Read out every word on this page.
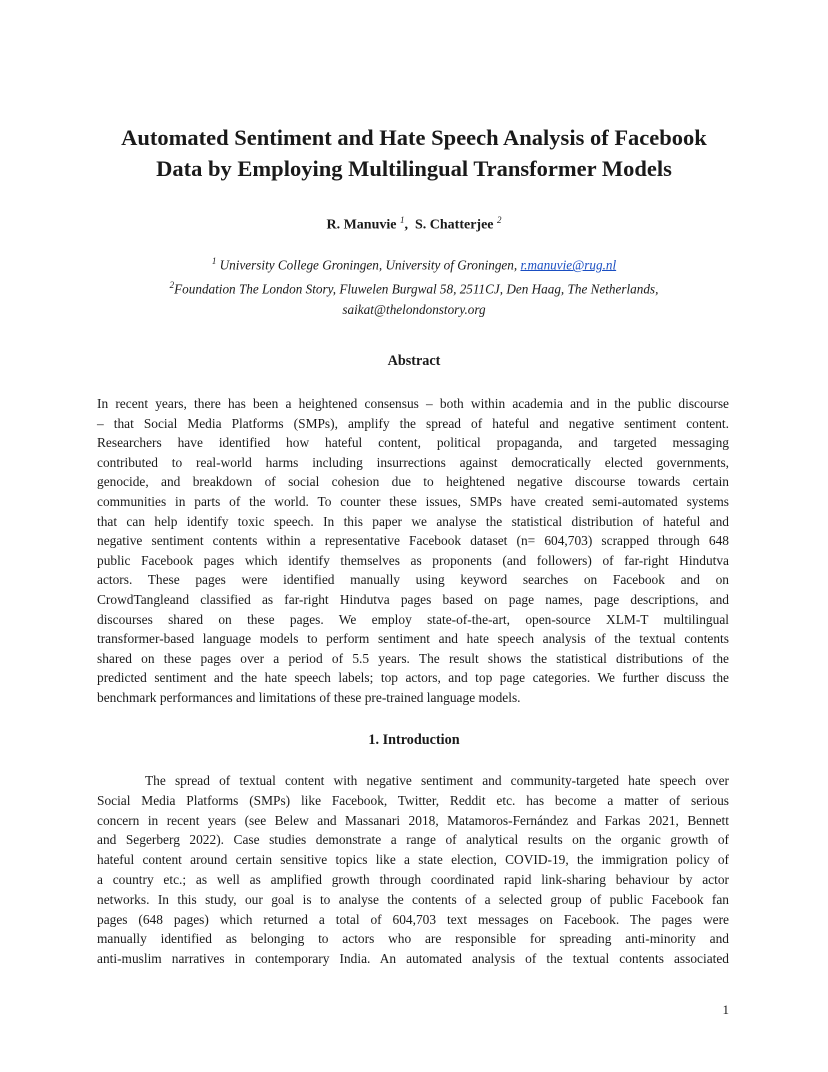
Automated Sentiment and Hate Speech Analysis of Facebook
Data by Employing Multilingual Transformer Models
R. Manuvie $^1$, S. Chatterjee $^2$
$^1$ University College Groningen, University of Groningen, r.manuvie@rug.nl
$^2$Foundation The London Story, Fluwelen Burgwal 58, 2511CJ, Den Haag, The Netherlands,
saikat@thelondonstory.org
Abstract
In recent years, there has been a heightened consensus – both within academia and in the public discourse
– that Social Media Platforms (SMPs), amplify the spread of hateful and negative sentiment content.
Researchers have identified how hateful content, political propaganda, and targeted messaging
contributed to real-world harms including insurrections against democratically elected governments,
genocide, and breakdown of social cohesion due to heightened negative discourse towards certain
communities in parts of the world. To counter these issues, SMPs have created semi-automated systems
that can help identify toxic speech. In this paper we analyse the statistical distribution of hateful and
negative sentiment contents within a representative Facebook dataset (n= 604,703) scrapped through 648
public Facebook pages which identify themselves as proponents (and followers) of far-right Hindutva
actors. These pages were identified manually using keyword searches on Facebook and on
CrowdTangleand classified as far-right Hindutva pages based on page names, page descriptions, and
discourses shared on these pages. We employ state-of-the-art, open-source XLM-T multilingual
transformer-based language models to perform sentiment and hate speech analysis of the textual contents
shared on these pages over a period of 5.5 years. The result shows the statistical distributions of the
predicted sentiment and the hate speech labels; top actors, and top page categories. We further discuss the
benchmark performances and limitations of these pre-trained language models.
1. Introduction
The spread of textual content with negative sentiment and community-targeted hate speech over
Social Media Platforms (SMPs) like Facebook, Twitter, Reddit etc. has become a matter of serious
concern in recent years (see Belew and Massanari 2018, Matamoros-Fernández and Farkas 2021, Bennett
and Segerberg 2022). Case studies demonstrate a range of analytical results on the organic growth of
hateful content around certain sensitive topics like a state election, COVID-19, the immigration policy of
a country etc.; as well as amplified growth through coordinated rapid link-sharing behaviour by actor
networks. In this study, our goal is to analyse the contents of a selected group of public Facebook fan
pages (648 pages) which returned a total of 604,703 text messages on Facebook. The pages were
manually identified as belonging to actors who are responsible for spreading anti-minority and
anti-muslim narratives in contemporary India. An automated analysis of the textual contents associated
1
